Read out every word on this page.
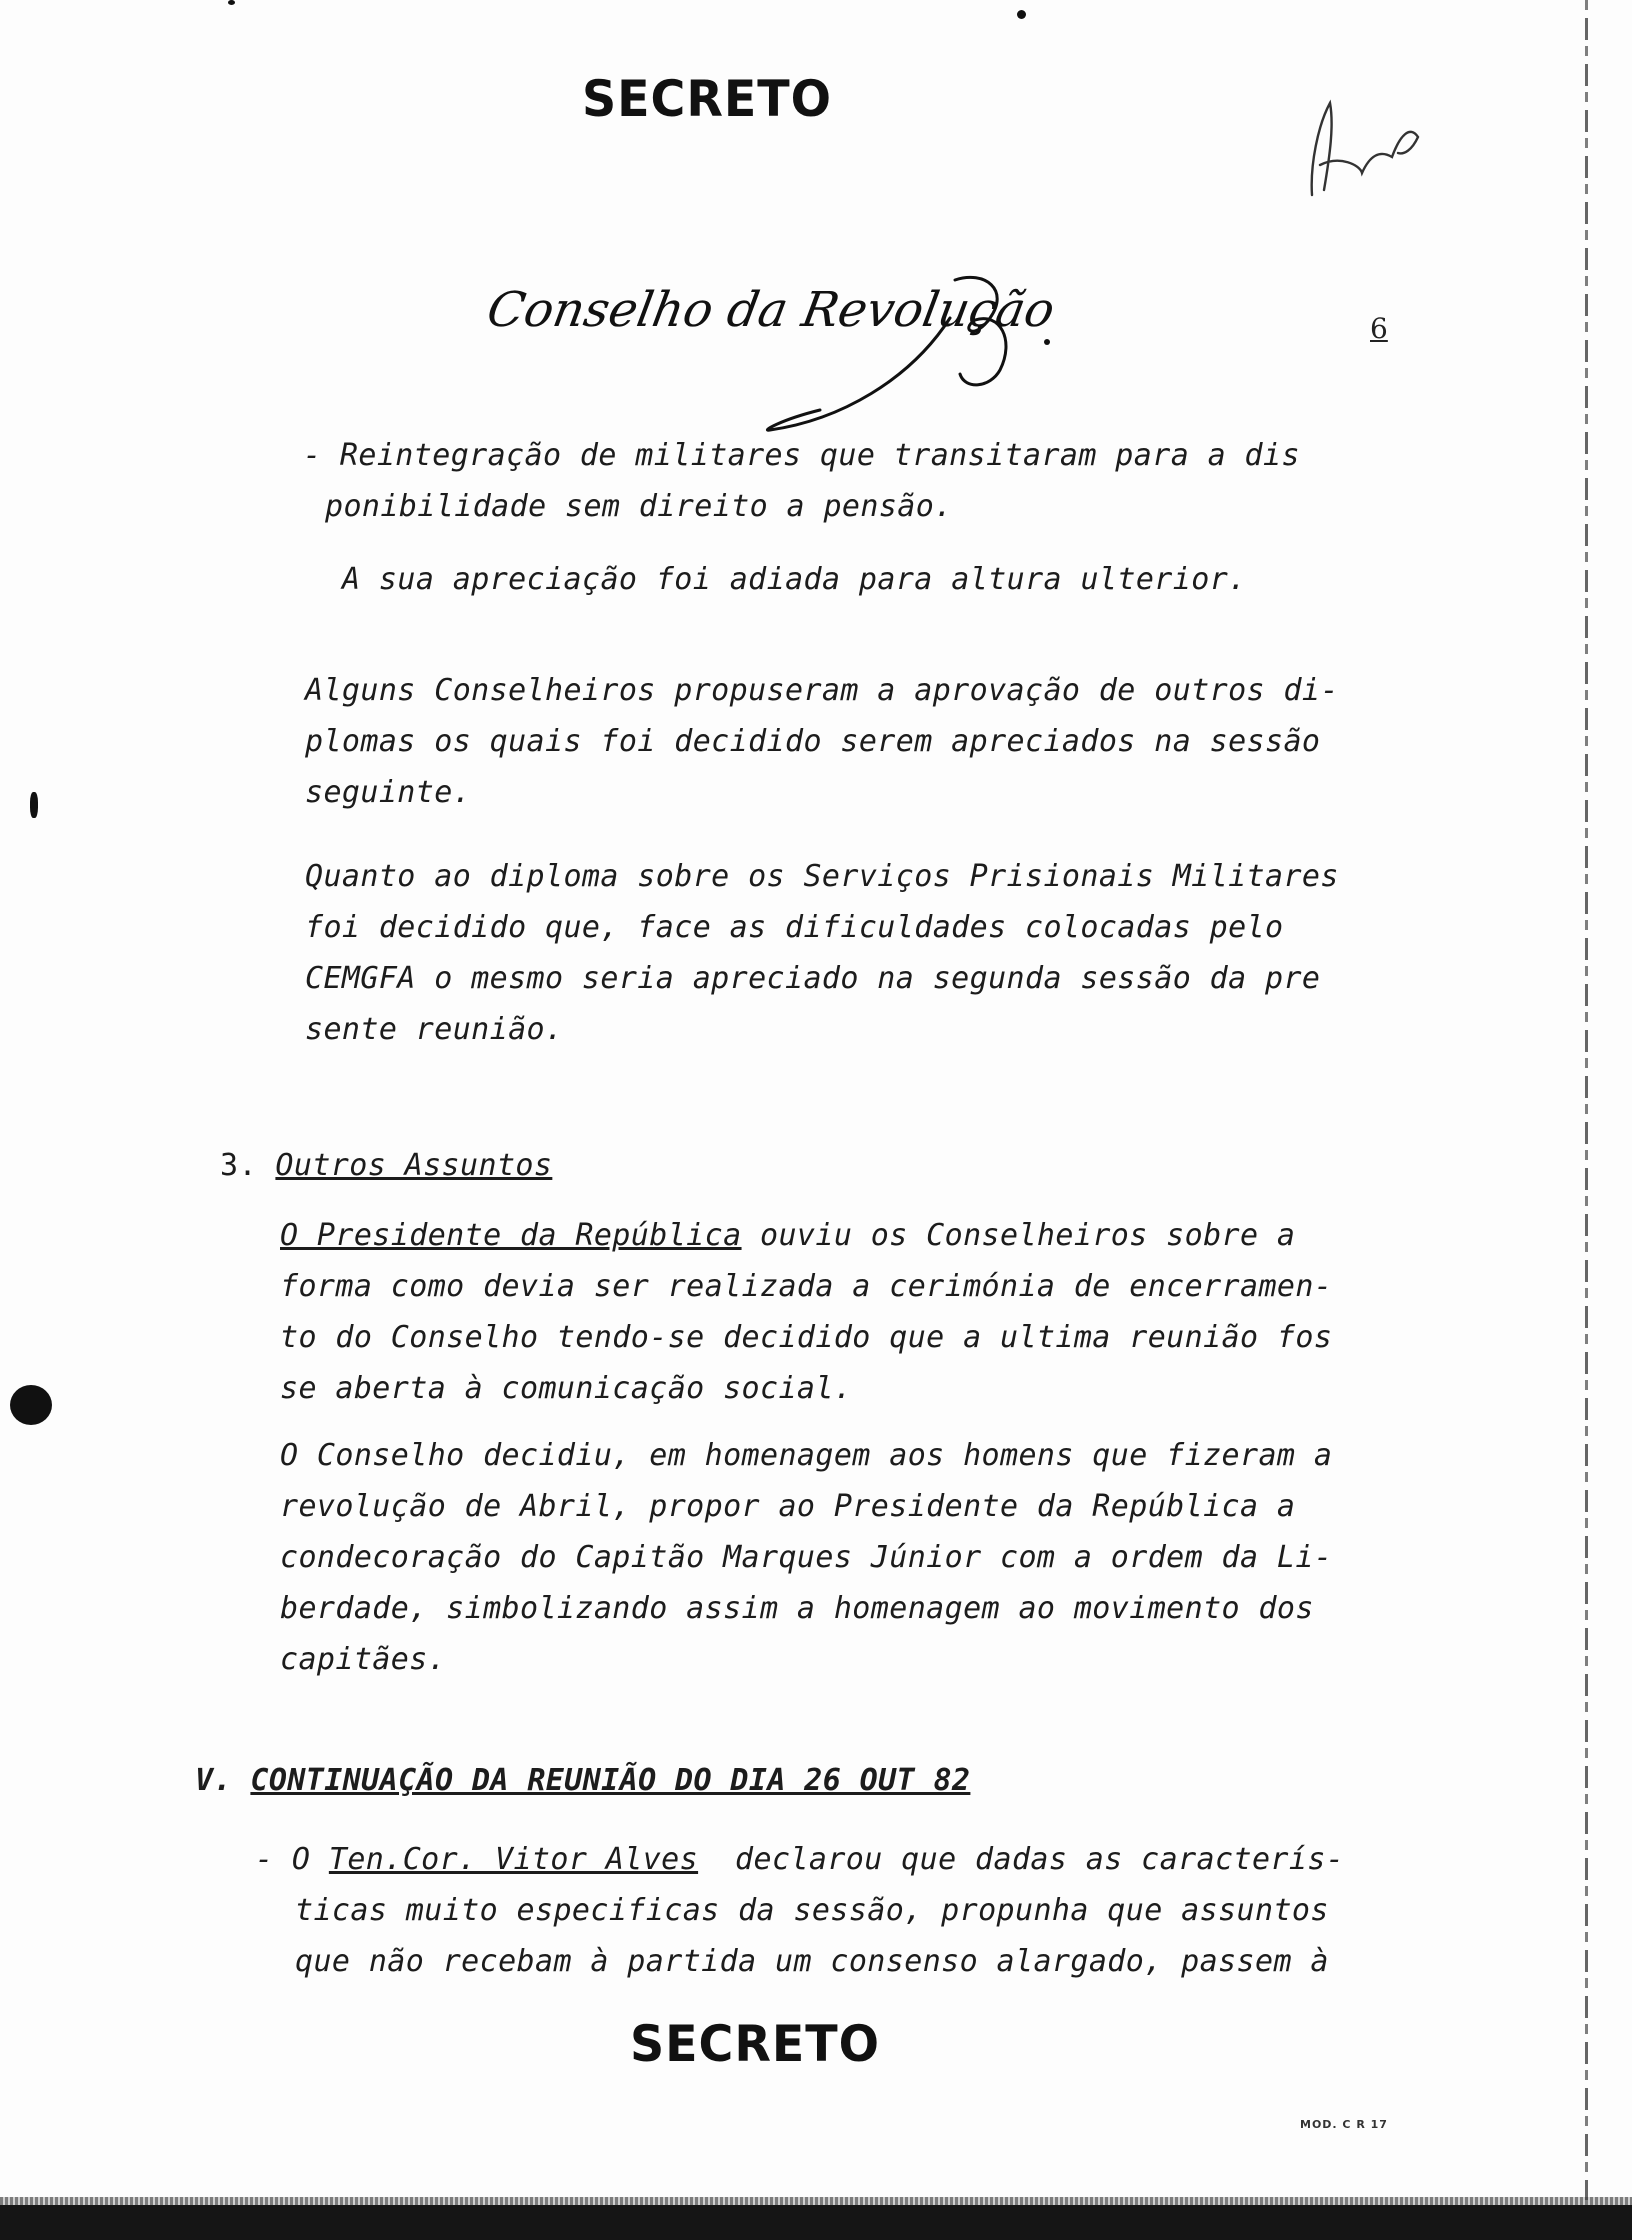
SECRETO
Conselho da Revolução	6
- Reintegração de militares que transitaram para a dis
ponibilidade sem direito a pensão.
A sua apreciação foi adiada para altura ulterior.
Alguns Conselheiros propuseram a aprovação de outros di-
plomas os quais foi decidido serem apreciados na sessão
seguinte.
Quanto ao diploma sobre os Serviços Prisionais Militares
foi decidido que, face as dificuldades colocadas pelo
CEMGFA o mesmo seria apreciado na segunda sessão da pre
sente reunião.
3. Outros Assuntos
O Presidente da República ouviu os Conselheiros sobre a
forma como devia ser realizada a cerimónia de encerramen-
to do Conselho tendo-se decidido que a ultima reunião fos
se aberta à comunicação social.
O Conselho decidiu, em homenagem aos homens que fizeram a
revolução de Abril, propor ao Presidente da República a
condecoração do Capitão Marques Júnior com a ordem da Li-
berdade, simbolizando assim a homenagem ao movimento dos
capitães.
V. CONTINUAÇÃO DA REUNIÃO DO DIA 26 OUT 82
- O Ten.Cor. Vitor Alves  declarou que dadas as caracterís-
ticas muito especificas da sessão, propunha que assuntos
que não recebam à partida um consenso alargado, passem à
SECRETO
MOD. C R 17
